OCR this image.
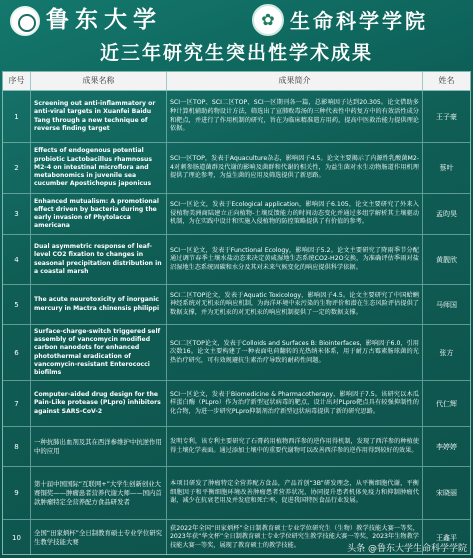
鲁东大学
✿	生命科学学院
近三年研究生突出性学术成果
序号	成果名称	成果简介	姓名
1
Screening out anti-inflammatory or anti-viral targets in Xuanfei Baidu Tang through a new technique of reverse finding target
SCI一区TOP、SCI二区TOP、SCI一区期刊各一篇，总影响因子达到20.305。论文借助多种计算机辅助药物设计方法，筛选出了宣肺败毒汤的三种代表性中药复方中的有效活性成分和靶点，并进行了作用机制的研究，旨在为临床精准遣方用药，提高中医救治能力提供理论依据。
王子豪
2
Effects of endogenous potential probiotic Lactobacillus rhamnosus M2-4 on intestinal microflora and metabonomics in juvenile sea cucumber Apostichopus japonicus
SCI一区TOP，发表于Aquaculture杂志，影响因子4.5。论文主要揭示了内源性乳酸菌M2-4对刺参肠道菌群及代谢的影响及菌群和代谢的相关性，为益生菌对水生动物肠道作用机理提供了理论参考，为益生菌的应用及筛选提供了新思路。
蔡叶
3
Enhanced mutualism: A promotional effect driven by bacteria during the early invasion of Phytolacca americana
SCI一区论文，发表于Ecological application，影响因子6.105，论文主要研究了外来入侵植物美洲商陆建立正向植物-土壤反馈能力的时间动态变化并通过多组学解析其土壤驱动机制，为在实践中设计和实施入侵植物的防控策略提供了有价值的参考。
孟昀昊
4
Dual asymmetric response of leaf-level CO2 fixation to changes in seasonal precipitation distribution in a coastal marsh
SCI一区论文，发表于Functional Ecology，影响因子5.2。论文主要研究了降雨季节分配通过调节春季土壤水盐动态来决定黄咸湿地生态系统CO2-H2O交换，为准确评估季雨对盐沼湿地生态系统固碳和水分及其对未来气候变化的响应提供科学依据。
黄靓欣
5
The acute neurotoxicity of inorganic mercury in Mactra chinensis philippi
SCI二区TOP论文，发表于Aquatic Toxicology，影响因子4.5。论文主要研究了中国蛤蜊神经系统对无机汞的响应机制，为海洋环境中汞污染的生物评价和潜在生态风险评估提供了数据支撑，并为无机汞的对无机汞的响应机制提供了一定的数据支撑。
马师国
6
Surface-charge-switch triggered self assembly of vancomycin modified carbon nanodots for enhanced photothermal eradication of vancomycin-resistant Enterococci biofilms
SCI二区TOP论文，发表于Colloids and Surfaces B: Biointerfaces，影响因子6.0，引用次数16。论文主要构建了一种表面电荷翻转的光热纳米体系，用于耐万古霉素肠球菌的光热治疗研究，可有效规避抗生素治疗导致的耐药性问题。
张方
7
Computer-aided drug design for the Pain-Like protease (PLpro) inhibitors against SARS-CoV-2
SCI一区论文，发表于Biomedicine & Pharmacotherapy，影响因子7.5。该研究以木瓜样蛋白酶（PLpro）作为治疗新型冠状病毒的靶点，设计出对PLpro靶点具有较强抑制性的化合物，为进一步研究PLpro抑制剂治疗新型冠状病毒提供了新的研究思路。
代仁辉
8
一种抗肺出血剂及其在西洋参维护中抗逆作用中的应用
发明专利，该专利主要研究了石膏药用植物西洋参的逆作用得机制，发现了西洋参的种植使得土壤化学表面。通过添加土壤中的重要代谢物可以改善西洋参的逆作用得到较好的效果。	李婷婷
9
第十届中国国际“互联网+”大学生创新创业大赛铜奖——肿瘤患者营养代谢大师——国内首款肿瘤特定全营养配方食品研发者
本项目研发了肿瘤特定全营养配方食品，产品首创“3B”研发理念，从平衡细胞代谢，平衡细胞因子和平衡细胞环境改善肿瘤患者营养状况，协同提升患者机体免疫力和抑制肿瘤代谢，减少在抗衰老用及并发症和死亡率，促进我国特医食品行业发展。
宋晓丽
10
全国“田家炳杯”全日制教育硕士专业学位研究生教学技能大赛
获2022年全国“田家炳杯”全日制教育硕士专业学位研究生（生物）教学技能大赛一等奖，2023年获“华文杯”全日制教育硕士专业学位研究生教学技能大赛一等奖，2023年生物教学技能大赛一等奖，展现了教育硕士的教学技能。
王鑫平
头条 @鲁东大学生命科学学院
